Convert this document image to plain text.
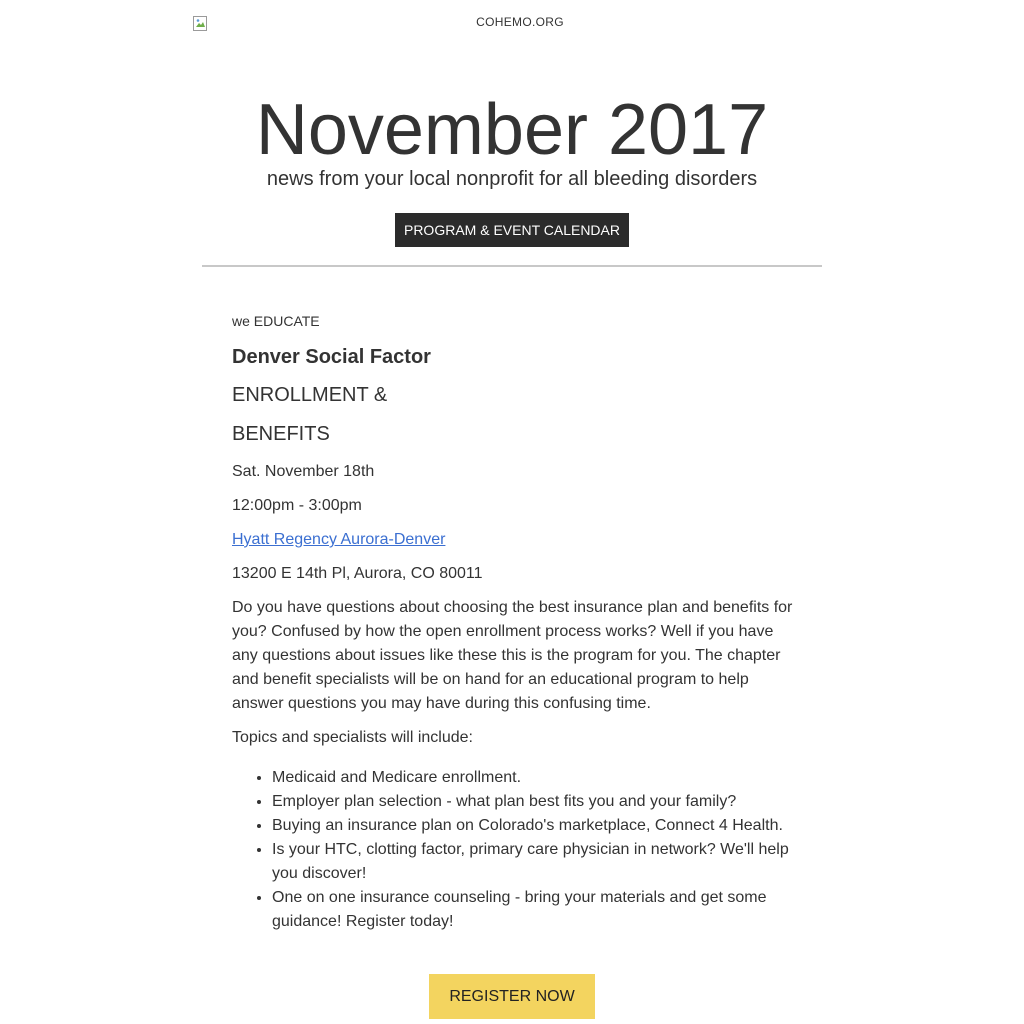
COHEMO.ORG
November 2017

news from your local nonprofit for all bleeding disorders

PROGRAM & EVENT CALENDAR

we EDUCATE

Denver Social Factor
ENROLLMENT &
BENEFITS

Sat. November 18th

12:00pm - 3:00pm

Hyatt Regency Aurora-Denver

13200 E 14th Pl, Aurora, CO 80011

Do you have questions about choosing the best insurance plan and benefits for you? Confused by how the open enrollment process works? Well if you have any questions about issues like these this is the program for you. The chapter and benefit specialists will be on hand for an educational program to help answer questions you may have during this confusing time.

Topics and specialists will include:

• Medicaid and Medicare enrollment.
• Employer plan selection - what plan best fits you and your family?
• Buying an insurance plan on Colorado's marketplace, Connect 4 Health.
• Is your HTC, clotting factor, primary care physician in network? We'll help you discover!
• One on one insurance counseling - bring your materials and get some guidance! Register today!
REGISTER NOW
